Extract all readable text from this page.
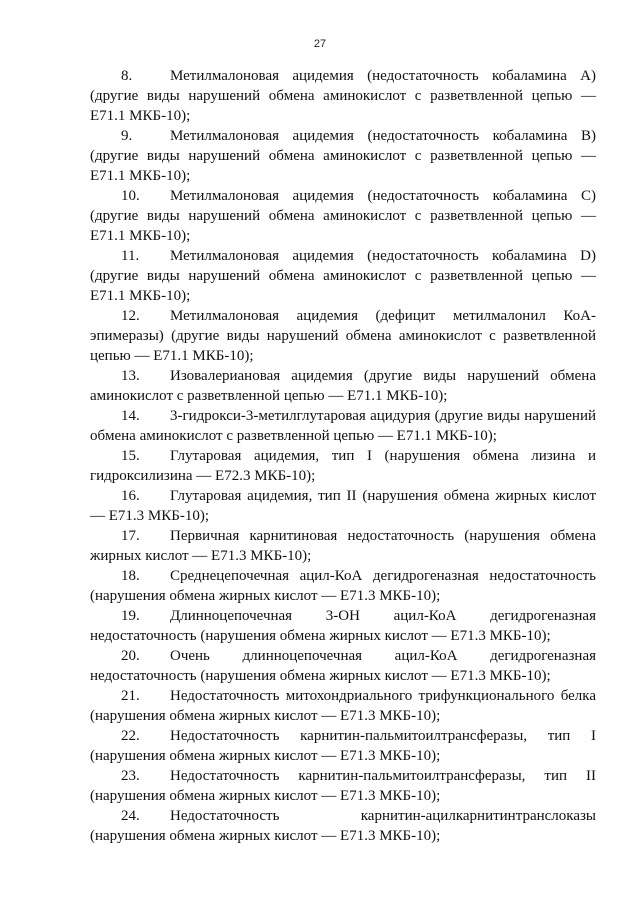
27

8.	Метилмалоновая ацидемия (недостаточность кобаламина A) (другие виды нарушений обмена аминокислот с разветвленной цепью — E71.1 МКБ-10);

9.	Метилмалоновая ацидемия (недостаточность кобаламина B) (другие виды нарушений обмена аминокислот с разветвленной цепью — E71.1 МКБ-10);

10. Метилмалоновая ацидемия (недостаточность кобаламина C) (другие виды нарушений обмена аминокислот с разветвленной цепью — E71.1 МКБ-10);

11. Метилмалоновая ацидемия (недостаточность кобаламина D) (другие виды нарушений обмена аминокислот с разветвленной цепью — E71.1 МКБ-10);

12. Метилмалоновая ацидемия (дефицит метилмалонил КоА-эпимеразы) (другие виды нарушений обмена аминокислот с разветвленной цепью — E71.1 МКБ-10);

13. Изовалериановая ацидемия (другие виды нарушений обмена аминокислот с разветвленной цепью — E71.1 МКБ-10);

14. 3-гидрокси-3-метилглутаровая ацидурия (другие виды нарушений обмена аминокислот с разветвленной цепью — E71.1 МКБ-10);

15. Глутаровая ацидемия, тип I (нарушения обмена лизина и гидроксилизина — E72.3 МКБ-10);

16. Глутаровая ацидемия, тип II (нарушения обмена жирных кислот — E71.3 МКБ-10);

17. Первичная карнитиновая недостаточность (нарушения обмена жирных кислот — E71.3 МКБ-10);

18. Среднецепочечная ацил-КоА дегидрогеназная недостаточность (нарушения обмена жирных кислот — E71.3 МКБ-10);

19. Длинноцепочечная 3-ОН ацил-КоА дегидрогеназная недостаточность (нарушения обмена жирных кислот — E71.3 МКБ-10);

20. Очень длинноцепочечная ацил-КоА дегидрогеназная недостаточность (нарушения обмена жирных кислот — E71.3 МКБ-10);

21. Недостаточность митохондриального трифункционального белка (нарушения обмена жирных кислот — E71.3 МКБ-10);

22. Недостаточность карнитин-пальмитоилтрансферазы, тип I (нарушения обмена жирных кислот — E71.3 МКБ-10);

23. Недостаточность карнитин-пальмитоилтрансферазы, тип II (нарушения обмена жирных кислот — E71.3 МКБ-10);

24. Недостаточность карнитин-ацилкарнитинтранслоказы (нарушения обмена жирных кислот — E71.3 МКБ-10);
